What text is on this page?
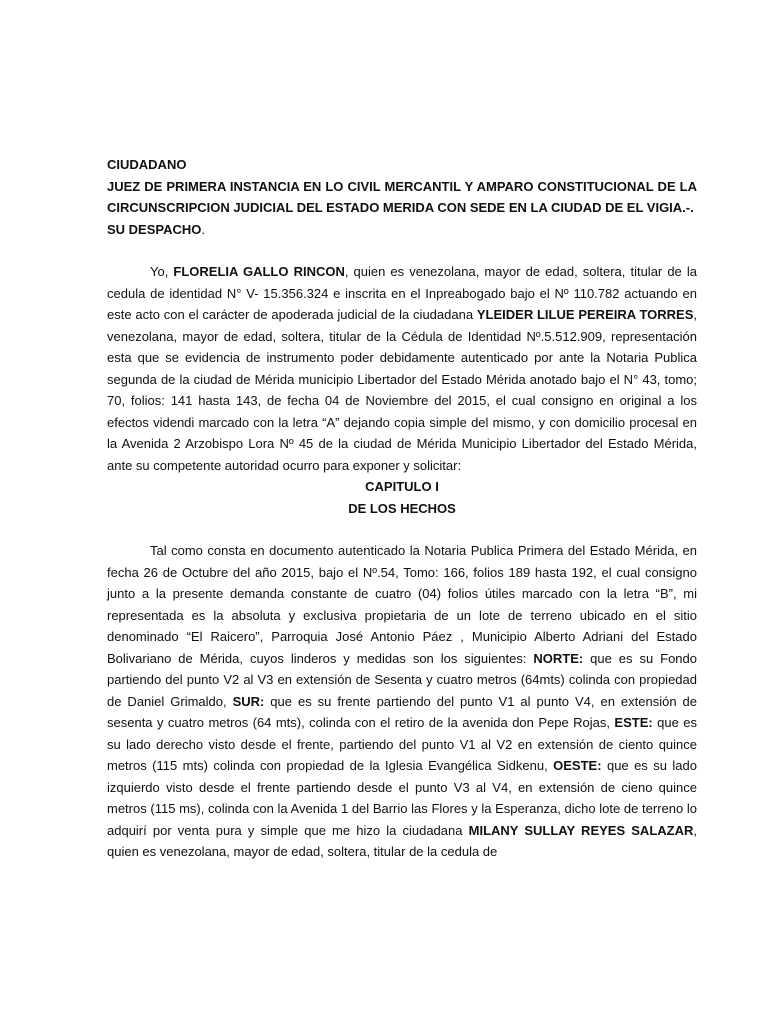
CIUDADANO

JUEZ DE PRIMERA INSTANCIA EN LO CIVIL MERCANTIL Y AMPARO CONSTITUCIONAL DE LA CIRCUNSCRIPCION JUDICIAL DEL ESTADO MERIDA CON SEDE EN LA CIUDAD DE EL VIGIA.-.

SU DESPACHO.

Yo, FLORELIA GALLO RINCON, quien es venezolana, mayor de edad, soltera, titular de la cedula de identidad N° V- 15.356.324 e inscrita en el Inpreabogado bajo el Nº 110.782 actuando en este acto con el carácter de apoderada judicial de la ciudadana YLEIDER LILUE PEREIRA TORRES, venezolana, mayor de edad, soltera, titular de la Cédula de Identidad Nº.5.512.909, representación esta que se evidencia de instrumento poder debidamente autenticado por ante la Notaria Publica segunda de la ciudad de Mérida municipio Libertador del Estado Mérida anotado bajo el N° 43, tomo; 70, folios: 141 hasta 143, de fecha 04 de Noviembre del 2015, el cual consigno en original a los efectos videndi marcado con la letra “A” dejando copia simple del mismo, y con domicilio procesal en la Avenida 2 Arzobispo Lora Nº 45 de la ciudad de Mérida Municipio Libertador del Estado Mérida, ante su competente autoridad ocurro para exponer y solicitar:

CAPITULO I

DE LOS HECHOS

Tal como consta en documento autenticado la Notaria Publica Primera del Estado Mérida, en fecha 26 de Octubre del año 2015, bajo el Nº.54, Tomo: 166, folios 189 hasta 192, el cual consigno junto a la presente demanda constante de cuatro (04) folios útiles marcado con la letra “B”, mi representada es la absoluta y exclusiva propietaria de un lote de terreno ubicado en el sitio denominado “El Raicero”, Parroquia José Antonio Páez , Municipio Alberto Adriani del Estado Bolivariano de Mérida, cuyos linderos y medidas son los siguientes: NORTE: que es su Fondo partiendo del punto V2 al V3 en extensión de Sesenta y cuatro metros (64mts) colinda con propiedad de Daniel Grimaldo, SUR: que es su frente partiendo del punto V1 al punto V4, en extensión de sesenta y cuatro metros (64 mts), colinda con el retiro de la avenida don Pepe Rojas, ESTE: que es su lado derecho visto desde el frente, partiendo del punto V1 al V2 en extensión de ciento quince metros (115 mts) colinda con propiedad de la Iglesia Evangélica Sidkenu, OESTE: que es su lado izquierdo visto desde el frente partiendo desde el punto V3 al V4, en extensión de cieno quince metros (115 ms), colinda con la Avenida 1 del Barrio las Flores y la Esperanza, dicho lote de terreno lo adquirí por venta pura y simple que me hizo la ciudadana MILANY SULLAY REYES SALAZAR, quien es venezolana, mayor de edad, soltera, titular de la cedula de
